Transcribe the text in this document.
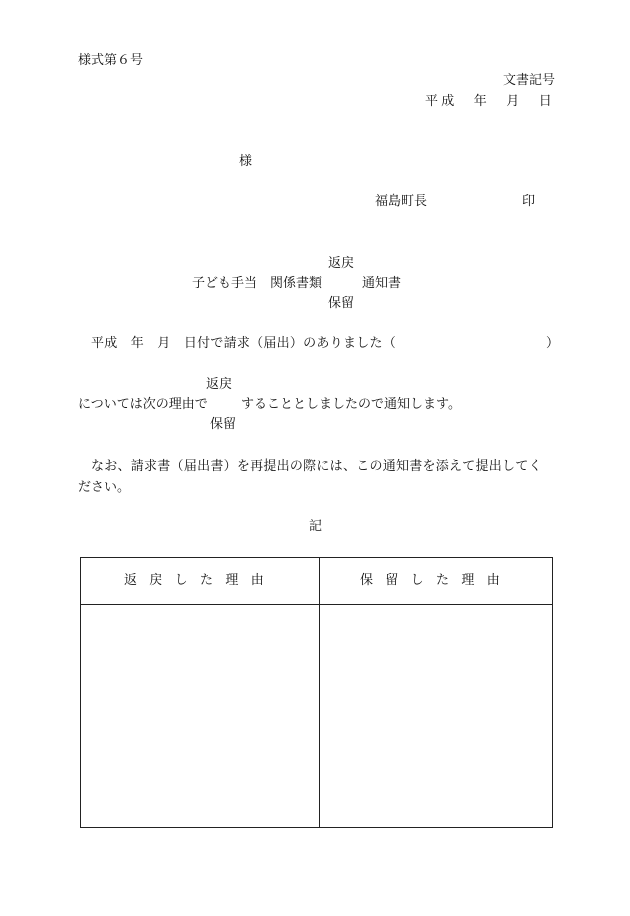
様式第６号
文書記号
平成　年　月　日
様
福島町長	印
返戻
子ども手当　関係書類	通知書
保留
平成　年　月　日付で請求（届出）のありました（	）
返戻
については次の理由で	することとしましたので通知します。
保留
なお、請求書（届出書）を再提出の際には、この通知書を添えて提出してく
ださい。
記
返戻した理由	保留した理由
